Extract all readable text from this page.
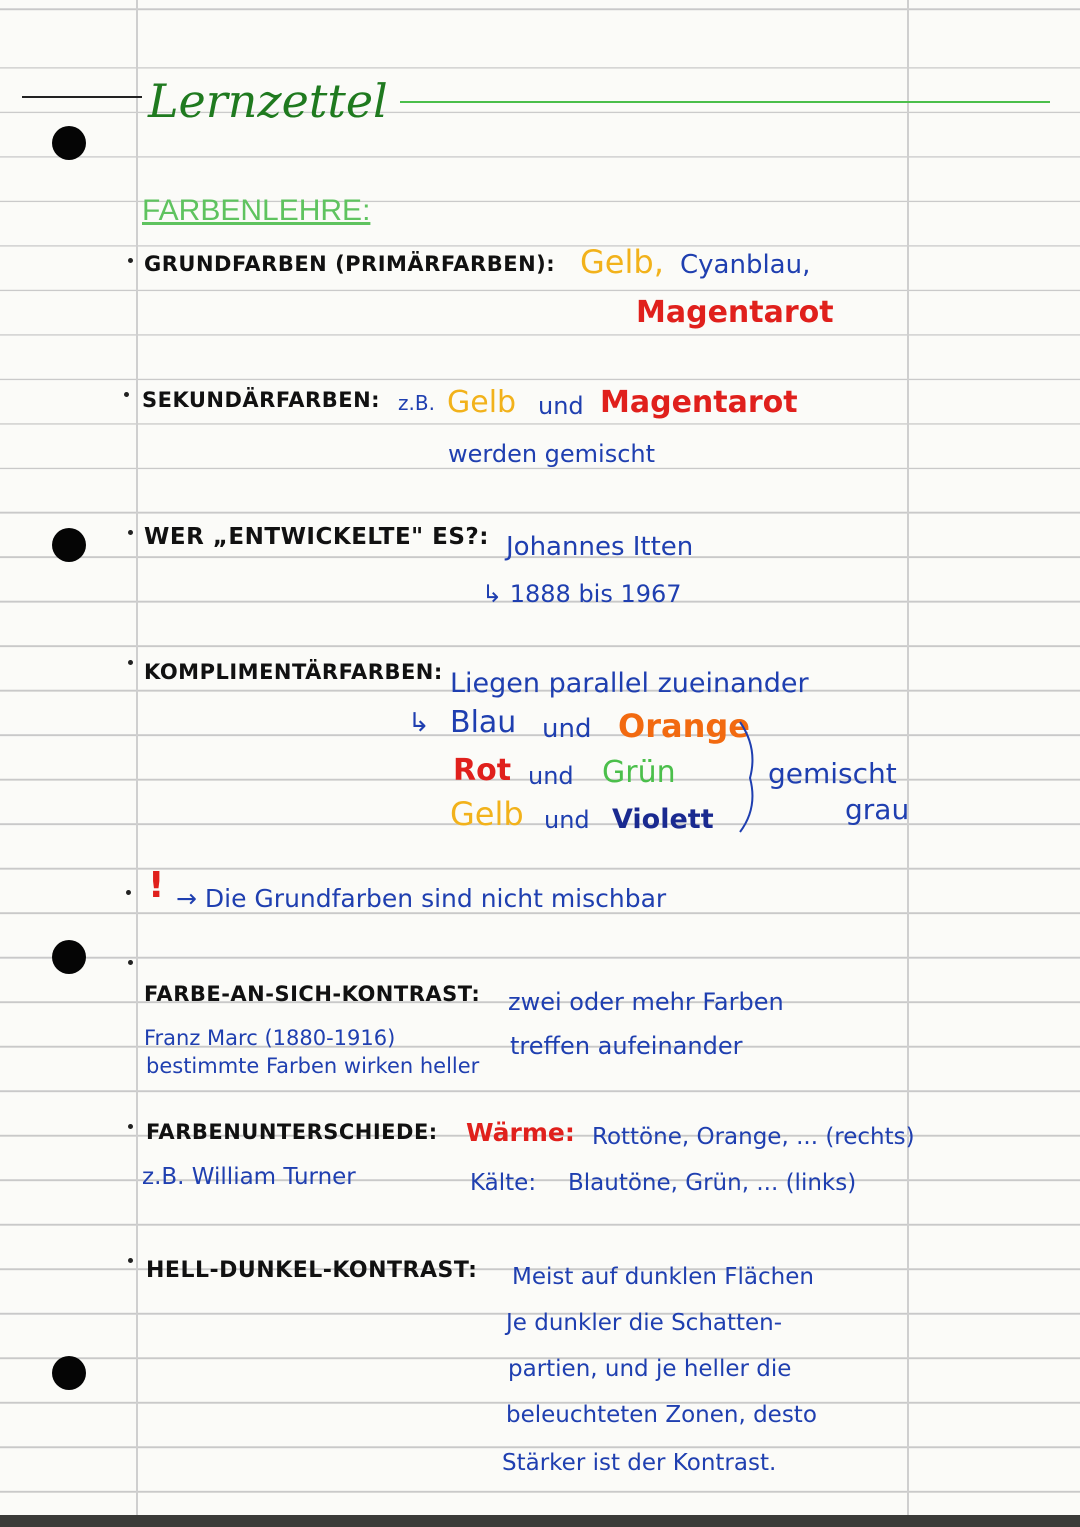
Lernzettel
FARBENLEHRE:
GRUNDFARBEN (PRIMÄRFARBEN): Gelb, Cyanblau,
Magentarot
SEKUNDÄRFARBEN: z.B. Gelb und Magentarot
werden gemischt
WER „ENTWICKELTE" ES?: Johannes Itten
↳ 1888 bis 1967
KOMPLIMENTÄRFARBEN: Liegen parallel zueinander
↳ Blau und Orange
Rot und Grün
Gelb und Violett
gemischt
grau
! → Die Grundfarben sind nicht mischbar
FARBE-AN-SICH-KONTRAST: zwei oder mehr Farben
Franz Marc (1880-1916)	treffen aufeinander
bestimmte Farben wirken heller
FARBENUNTERSCHIEDE: Wärme: Rottöne, Orange, ... (rechts)
z.B. William Turner	Kälte: Blautöne, Grün, ... (links)
HELL-DUNKEL-KONTRAST: Meist auf dunklen Flächen
Je dunkler die Schatten-
partien, und je heller die
beleuchteten Zonen, desto
Stärker ist der Kontrast.
